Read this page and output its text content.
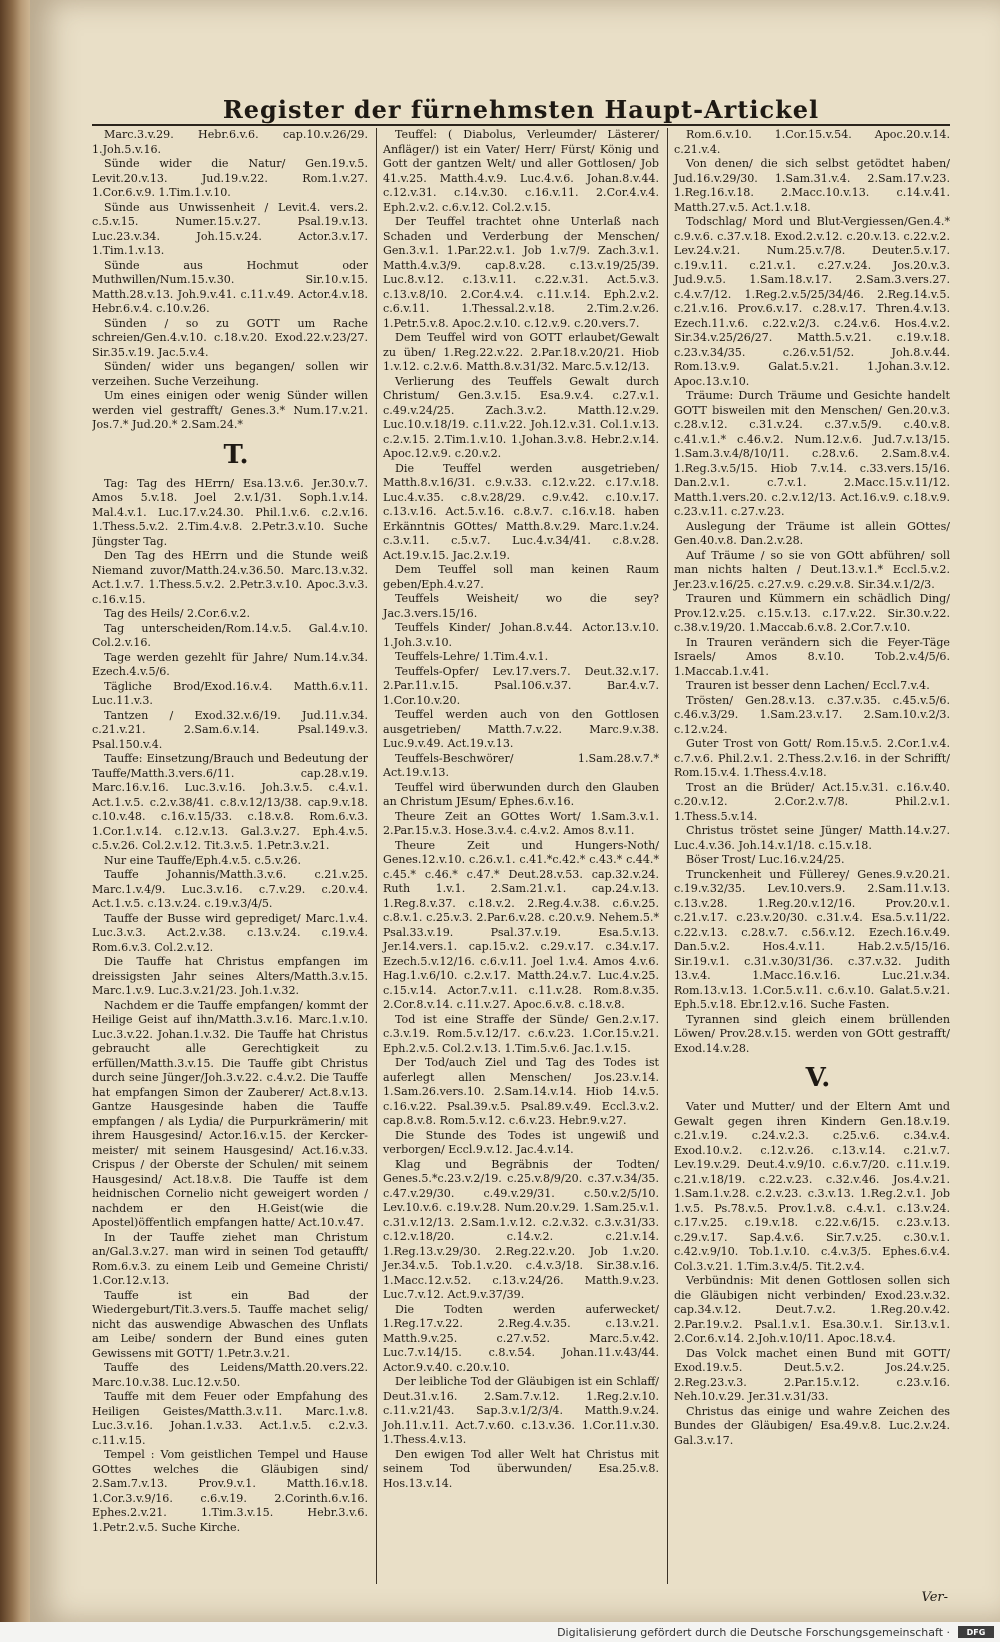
Register der fürnehmsten Haupt-Artickel

Marc.3.v.29. Hebr.6.v.6. cap.10.v.26/29. 1.Joh.5.v.16.

Sünde wider die Natur/ Gen.19.v.5. Levit.20.v.13. Jud.19.v.22. Rom.1.v.27. 1.Cor.6.v.9. 1.Tim.1.v.10.

Sünde aus Unwissenheit / Levit.4. vers.2. c.5.v.15. Numer.15.v.27. Psal.19.v.13. Luc.23.v.34. Joh.15.v.24. Actor.3.v.17. 1.Tim.1.v.13.

Sünde aus Hochmut oder Muthwillen/Num.15.v.30. Sir.10.v.15. Matth.28.v.13. Joh.9.v.41. c.11.v.49. Actor.4.v.18. Hebr.6.v.4. c.10.v.26.

Sünden / so zu GOTT um Rache schreien/Gen.4.v.10. c.18.v.20. Exod.22.v.23/27. Sir.35.v.19. Jac.5.v.4.

Sünden/ wider uns begangen/ sollen wir verzeihen. Suche Verzeihung.

Um eines einigen oder wenig Sünder willen werden viel gestrafft/ Genes.3.* Num.17.v.21. Jos.7.* Jud.20.* 2.Sam.24.*

T.

Tag: Tag des HErrn/ Esa.13.v.6. Jer.30.v.7. Amos 5.v.18. Joel 2.v.1/31. Soph.1.v.14. Mal.4.v.1. Luc.17.v.24.30. Phil.1.v.6. c.2.v.16. 1.Thess.5.v.2. 2.Tim.4.v.8. 2.Petr.3.v.10. Suche Jüngster Tag.

Den Tag des HErrn und die Stunde weiß Niemand zuvor/Matth.24.v.36.50. Marc.13.v.32. Act.1.v.7. 1.Thess.5.v.2. 2.Petr.3.v.10. Apoc.3.v.3. c.16.v.15.

Tag des Heils/ 2.Cor.6.v.2.

Tag unterscheiden/Rom.14.v.5. Gal.4.v.10. Col.2.v.16.

Tage werden gezehlt für Jahre/ Num.14.v.34. Ezech.4.v.5/6.

Tägliche Brod/Exod.16.v.4. Matth.6.v.11. Luc.11.v.3.

Tantzen / Exod.32.v.6/19. Jud.11.v.34. c.21.v.21. 2.Sam.6.v.14. Psal.149.v.3. Psal.150.v.4.

Tauffe: Einsetzung/Brauch und Bedeutung der Tauffe/Matth.3.vers.6/11. cap.28.v.19. Marc.16.v.16. Luc.3.v.16. Joh.3.v.5. c.4.v.1. Act.1.v.5. c.2.v.38/41. c.8.v.12/13/38. cap.9.v.18. c.10.v.48. c.16.v.15/33. c.18.v.8. Rom.6.v.3. 1.Cor.1.v.14. c.12.v.13. Gal.3.v.27. Eph.4.v.5. c.5.v.26. Col.2.v.12. Tit.3.v.5. 1.Petr.3.v.21.

Nur eine Tauffe/Eph.4.v.5. c.5.v.26.

Tauffe Johannis/Matth.3.v.6. c.21.v.25. Marc.1.v.4/9. Luc.3.v.16. c.7.v.29. c.20.v.4. Act.1.v.5. c.13.v.24. c.19.v.3/4/5.

Tauffe der Busse wird geprediget/ Marc.1.v.4. Luc.3.v.3. Act.2.v.38. c.13.v.24. c.19.v.4. Rom.6.v.3. Col.2.v.12.

Die Tauffe hat Christus empfangen im dreissigsten Jahr seines Alters/Matth.3.v.15. Marc.1.v.9. Luc.3.v.21/23. Joh.1.v.32.

Nachdem er die Tauffe empfangen/ kommt der Heilige Geist auf ihn/Matth.3.v.16. Marc.1.v.10. Luc.3.v.22. Johan.1.v.32. Die Tauffe hat Christus gebraucht alle Gerechtigkeit zu erfüllen/Matth.3.v.15. Die Tauffe gibt Christus durch seine Jünger/Joh.3.v.22. c.4.v.2. Die Tauffe hat empfangen Simon der Zauberer/ Act.8.v.13. Gantze Hausgesinde haben die Tauffe empfangen / als Lydia/ die Purpurkrämerin/ mit ihrem Hausgesind/ Actor.16.v.15. der Kercker-meister/ mit seinem Hausgesind/ Act.16.v.33. Crispus / der Oberste der Schulen/ mit seinem Hausgesind/ Act.18.v.8. Die Tauffe ist dem heidnischen Cornelio nicht geweigert worden / nachdem er den H.Geist(wie die Apostel)öffentlich empfangen hatte/ Act.10.v.47.

In der Tauffe ziehet man Christum an/Gal.3.v.27. man wird in seinen Tod getaufft/ Rom.6.v.3. zu einem Leib und Gemeine Christi/ 1.Cor.12.v.13.

Tauffe ist ein Bad der Wiedergeburt/Tit.3.vers.5. Tauffe machet selig/ nicht das auswendige Abwaschen des Unflats am Leibe/ sondern der Bund eines guten Gewissens mit GOTT/ 1.Petr.3.v.21.

Tauffe des Leidens/Matth.20.vers.22. Marc.10.v.38. Luc.12.v.50.

Tauffe mit dem Feuer oder Empfahung des Heiligen Geistes/Matth.3.v.11. Marc.1.v.8. Luc.3.v.16. Johan.1.v.33. Act.1.v.5. c.2.v.3. c.11.v.15.

Tempel : Vom geistlichen Tempel und Hause GOttes welches die Gläubigen sind/ 2.Sam.7.v.13. Prov.9.v.1. Matth.16.v.18. 1.Cor.3.v.9/16. c.6.v.19. 2.Corinth.6.v.16. Ephes.2.v.21. 1.Tim.3.v.15. Hebr.3.v.6. 1.Petr.2.v.5. Suche Kirche.

Teuffel: ( Diabolus, Verleumder/ Lästerer/ Anfläger/) ist ein Vater/ Herr/ Fürst/ König und Gott der gantzen Welt/ und aller Gottlosen/ Job 41.v.25. Matth.4.v.9. Luc.4.v.6. Johan.8.v.44. c.12.v.31. c.14.v.30. c.16.v.11. 2.Cor.4.v.4. Eph.2.v.2. c.6.v.12. Col.2.v.15.

Der Teuffel trachtet ohne Unterlaß nach Schaden und Verderbung der Menschen/ Gen.3.v.1. 1.Par.22.v.1. Job 1.v.7/9. Zach.3.v.1. Matth.4.v.3/9. cap.8.v.28. c.13.v.19/25/39. Luc.8.v.12. c.13.v.11. c.22.v.31. Act.5.v.3. c.13.v.8/10. 2.Cor.4.v.4. c.11.v.14. Eph.2.v.2. c.6.v.11. 1.Thessal.2.v.18. 2.Tim.2.v.26. 1.Petr.5.v.8. Apoc.2.v.10. c.12.v.9. c.20.vers.7.

Dem Teuffel wird von GOTT erlaubet/Gewalt zu üben/ 1.Reg.22.v.22. 2.Par.18.v.20/21. Hiob 1.v.12. c.2.v.6. Matth.8.v.31/32. Marc.5.v.12/13.

Verlierung des Teuffels Gewalt durch Christum/ Gen.3.v.15. Esa.9.v.4. c.27.v.1. c.49.v.24/25. Zach.3.v.2. Matth.12.v.29. Luc.10.v.18/19. c.11.v.22. Joh.12.v.31. Col.1.v.13. c.2.v.15. 2.Tim.1.v.10. 1.Johan.3.v.8. Hebr.2.v.14. Apoc.12.v.9. c.20.v.2.

Die Teuffel werden ausgetrieben/ Matth.8.v.16/31. c.9.v.33. c.12.v.22. c.17.v.18. Luc.4.v.35. c.8.v.28/29. c.9.v.42. c.10.v.17. c.13.v.16. Act.5.v.16. c.8.v.7. c.16.v.18. haben Erkänntnis GOttes/ Matth.8.v.29. Marc.1.v.24. c.3.v.11. c.5.v.7. Luc.4.v.34/41. c.8.v.28. Act.19.v.15. Jac.2.v.19.

Dem Teuffel soll man keinen Raum geben/Eph.4.v.27.

Teuffels Weisheit/ wo die sey? Jac.3.vers.15/16.

Teuffels Kinder/ Johan.8.v.44. Actor.13.v.10. 1.Joh.3.v.10.

Teuffels-Lehre/ 1.Tim.4.v.1.

Teuffels-Opfer/ Lev.17.vers.7. Deut.32.v.17. 2.Par.11.v.15. Psal.106.v.37. Bar.4.v.7. 1.Cor.10.v.20.

Teuffel werden auch von den Gottlosen ausgetrieben/ Matth.7.v.22. Marc.9.v.38. Luc.9.v.49. Act.19.v.13.

Teuffels-Beschwörer/ 1.Sam.28.v.7.* Act.19.v.13.

Teuffel wird überwunden durch den Glauben an Christum JEsum/ Ephes.6.v.16.

Theure Zeit an GOttes Wort/ 1.Sam.3.v.1. 2.Par.15.v.3. Hose.3.v.4. c.4.v.2. Amos 8.v.11.

Theure Zeit und Hungers-Noth/ Genes.12.v.10. c.26.v.1. c.41.*c.42.* c.43.* c.44.* c.45.* c.46.* c.47.* Deut.28.v.53. cap.32.v.24. Ruth 1.v.1. 2.Sam.21.v.1. cap.24.v.13. 1.Reg.8.v.37. c.18.v.2. 2.Reg.4.v.38. c.6.v.25. c.8.v.1. c.25.v.3. 2.Par.6.v.28. c.20.v.9. Nehem.5.* Psal.33.v.19. Psal.37.v.19. Esa.5.v.13. Jer.14.vers.1. cap.15.v.2. c.29.v.17. c.34.v.17. Ezech.5.v.12/16. c.6.v.11. Joel 1.v.4. Amos 4.v.6. Hag.1.v.6/10. c.2.v.17. Matth.24.v.7. Luc.4.v.25. c.15.v.14. Actor.7.v.11. c.11.v.28. Rom.8.v.35. 2.Cor.8.v.14. c.11.v.27. Apoc.6.v.8. c.18.v.8.

Tod ist eine Straffe der Sünde/ Gen.2.v.17. c.3.v.19. Rom.5.v.12/17. c.6.v.23. 1.Cor.15.v.21. Eph.2.v.5. Col.2.v.13. 1.Tim.5.v.6. Jac.1.v.15.

Der Tod/auch Ziel und Tag des Todes ist auferlegt allen Menschen/ Jos.23.v.14. 1.Sam.26.vers.10. 2.Sam.14.v.14. Hiob 14.v.5. c.16.v.22. Psal.39.v.5. Psal.89.v.49. Eccl.3.v.2. cap.8.v.8. Rom.5.v.12. c.6.v.23. Hebr.9.v.27.

Die Stunde des Todes ist ungewiß und verborgen/ Eccl.9.v.12. Jac.4.v.14.

Klag und Begräbnis der Todten/ Genes.5.*c.23.v.2/19. c.25.v.8/9/20. c.37.v.34/35. c.47.v.29/30. c.49.v.29/31. c.50.v.2/5/10. Lev.10.v.6. c.19.v.28. Num.20.v.29. 1.Sam.25.v.1. c.31.v.12/13. 2.Sam.1.v.12. c.2.v.32. c.3.v.31/33. c.12.v.18/20. c.14.v.2. c.21.v.14. 1.Reg.13.v.29/30. 2.Reg.22.v.20. Job 1.v.20. Jer.34.v.5. Tob.1.v.20. c.4.v.3/18. Sir.38.v.16. 1.Macc.12.v.52. c.13.v.24/26. Matth.9.v.23. Luc.7.v.12. Act.9.v.37/39.

Die Todten werden auferwecket/ 1.Reg.17.v.22. 2.Reg.4.v.35. c.13.v.21. Matth.9.v.25. c.27.v.52. Marc.5.v.42. Luc.7.v.14/15. c.8.v.54. Johan.11.v.43/44. Actor.9.v.40. c.20.v.10.

Der leibliche Tod der Gläubigen ist ein Schlaff/ Deut.31.v.16. 2.Sam.7.v.12. 1.Reg.2.v.10. c.11.v.21/43. Sap.3.v.1/2/3/4. Matth.9.v.24. Joh.11.v.11. Act.7.v.60. c.13.v.36. 1.Cor.11.v.30. 1.Thess.4.v.13.

Den ewigen Tod aller Welt hat Christus mit seinem Tod überwunden/ Esa.25.v.8. Hos.13.v.14.

Rom.6.v.10. 1.Cor.15.v.54. Apoc.20.v.14. c.21.v.4.

Von denen/ die sich selbst getödtet haben/ Jud.16.v.29/30. 1.Sam.31.v.4. 2.Sam.17.v.23. 1.Reg.16.v.18. 2.Macc.10.v.13. c.14.v.41. Matth.27.v.5. Act.1.v.18.

Todschlag/ Mord und Blut-Vergiessen/Gen.4.* c.9.v.6. c.37.v.18. Exod.2.v.12. c.20.v.13. c.22.v.2. Lev.24.v.21. Num.25.v.7/8. Deuter.5.v.17. c.19.v.11. c.21.v.1. c.27.v.24. Jos.20.v.3. Jud.9.v.5. 1.Sam.18.v.17. 2.Sam.3.vers.27. c.4.v.7/12. 1.Reg.2.v.5/25/34/46. 2.Reg.14.v.5. c.21.v.16. Prov.6.v.17. c.28.v.17. Thren.4.v.13. Ezech.11.v.6. c.22.v.2/3. c.24.v.6. Hos.4.v.2. Sir.34.v.25/26/27. Matth.5.v.21. c.19.v.18. c.23.v.34/35. c.26.v.51/52. Joh.8.v.44. Rom.13.v.9. Galat.5.v.21. 1.Johan.3.v.12. Apoc.13.v.10.

Träume: Durch Träume und Gesichte handelt GOTT bisweilen mit den Menschen/ Gen.20.v.3. c.28.v.12. c.31.v.24. c.37.v.5/9. c.40.v.8. c.41.v.1.* c.46.v.2. Num.12.v.6. Jud.7.v.13/15. 1.Sam.3.v.4/8/10/11. c.28.v.6. 2.Sam.8.v.4. 1.Reg.3.v.5/15. Hiob 7.v.14. c.33.vers.15/16. Dan.2.v.1. c.7.v.1. 2.Macc.15.v.11/12. Matth.1.vers.20. c.2.v.12/13. Act.16.v.9. c.18.v.9. c.23.v.11. c.27.v.23.

Auslegung der Träume ist allein GOttes/ Gen.40.v.8. Dan.2.v.28.

Auf Träume / so sie von GOtt abführen/ soll man nichts halten / Deut.13.v.1.* Eccl.5.v.2. Jer.23.v.16/25. c.27.v.9. c.29.v.8. Sir.34.v.1/2/3.

Trauren und Kümmern ein schädlich Ding/ Prov.12.v.25. c.15.v.13. c.17.v.22. Sir.30.v.22. c.38.v.19/20. 1.Maccab.6.v.8. 2.Cor.7.v.10.

In Trauren verändern sich die Feyer-Täge Israels/ Amos 8.v.10. Tob.2.v.4/5/6. 1.Maccab.1.v.41.

Trauren ist besser denn Lachen/ Eccl.7.v.4.

Trösten/ Gen.28.v.13. c.37.v.35. c.45.v.5/6. c.46.v.3/29. 1.Sam.23.v.17. 2.Sam.10.v.2/3. c.12.v.24.

Guter Trost von Gott/ Rom.15.v.5. 2.Cor.1.v.4. c.7.v.6. Phil.2.v.1. 2.Thess.2.v.16. in der Schrifft/ Rom.15.v.4. 1.Thess.4.v.18.

Trost an die Brüder/ Act.15.v.31. c.16.v.40. c.20.v.12. 2.Cor.2.v.7/8. Phil.2.v.1. 1.Thess.5.v.14.

Christus tröstet seine Jünger/ Matth.14.v.27. Luc.4.v.36. Joh.14.v.1/18. c.15.v.18.

Böser Trost/ Luc.16.v.24/25.

Trunckenheit und Füllerey/ Genes.9.v.20.21. c.19.v.32/35. Lev.10.vers.9. 2.Sam.11.v.13. c.13.v.28. 1.Reg.20.v.12/16. Prov.20.v.1. c.21.v.17. c.23.v.20/30. c.31.v.4. Esa.5.v.11/22. c.22.v.13. c.28.v.7. c.56.v.12. Ezech.16.v.49. Dan.5.v.2. Hos.4.v.11. Hab.2.v.5/15/16. Sir.19.v.1. c.31.v.30/31/36. c.37.v.32. Judith 13.v.4. 1.Macc.16.v.16. Luc.21.v.34. Rom.13.v.13. 1.Cor.5.v.11. c.6.v.10. Galat.5.v.21. Eph.5.v.18. Ebr.12.v.16. Suche Fasten.

Tyrannen sind gleich einem brüllenden Löwen/ Prov.28.v.15. werden von GOtt gestrafft/ Exod.14.v.28.

V.

Vater und Mutter/ und der Eltern Amt und Gewalt gegen ihren Kindern Gen.18.v.19. c.21.v.19. c.24.v.2.3. c.25.v.6. c.34.v.4. Exod.10.v.2. c.12.v.26. c.13.v.14. c.21.v.7. Lev.19.v.29. Deut.4.v.9/10. c.6.v.7/20. c.11.v.19. c.21.v.18/19. c.22.v.23. c.32.v.46. Jos.4.v.21. 1.Sam.1.v.28. c.2.v.23. c.3.v.13. 1.Reg.2.v.1. Job 1.v.5. Ps.78.v.5. Prov.1.v.8. c.4.v.1. c.13.v.24. c.17.v.25. c.19.v.18. c.22.v.6/15. c.23.v.13. c.29.v.17. Sap.4.v.6. Sir.7.v.25. c.30.v.1. c.42.v.9/10. Tob.1.v.10. c.4.v.3/5. Ephes.6.v.4. Col.3.v.21. 1.Tim.3.v.4/5. Tit.2.v.4.

Verbündnis: Mit denen Gottlosen sollen sich die Gläubigen nicht verbinden/ Exod.23.v.32. cap.34.v.12. Deut.7.v.2. 1.Reg.20.v.42. 2.Par.19.v.2. Psal.1.v.1. Esa.30.v.1. Sir.13.v.1. 2.Cor.6.v.14. 2.Joh.v.10/11. Apoc.18.v.4.

Das Volck machet einen Bund mit GOTT/ Exod.19.v.5. Deut.5.v.2. Jos.24.v.25. 2.Reg.23.v.3. 2.Par.15.v.12. c.23.v.16. Neh.10.v.29. Jer.31.v.31/33.

Christus das einige und wahre Zeichen des Bundes der Gläubigen/ Esa.49.v.8. Luc.2.v.24. Gal.3.v.17.

Ver-
Digitalisierung gefördert durch die Deutsche Forschungsgemeinschaft ·	DFG
